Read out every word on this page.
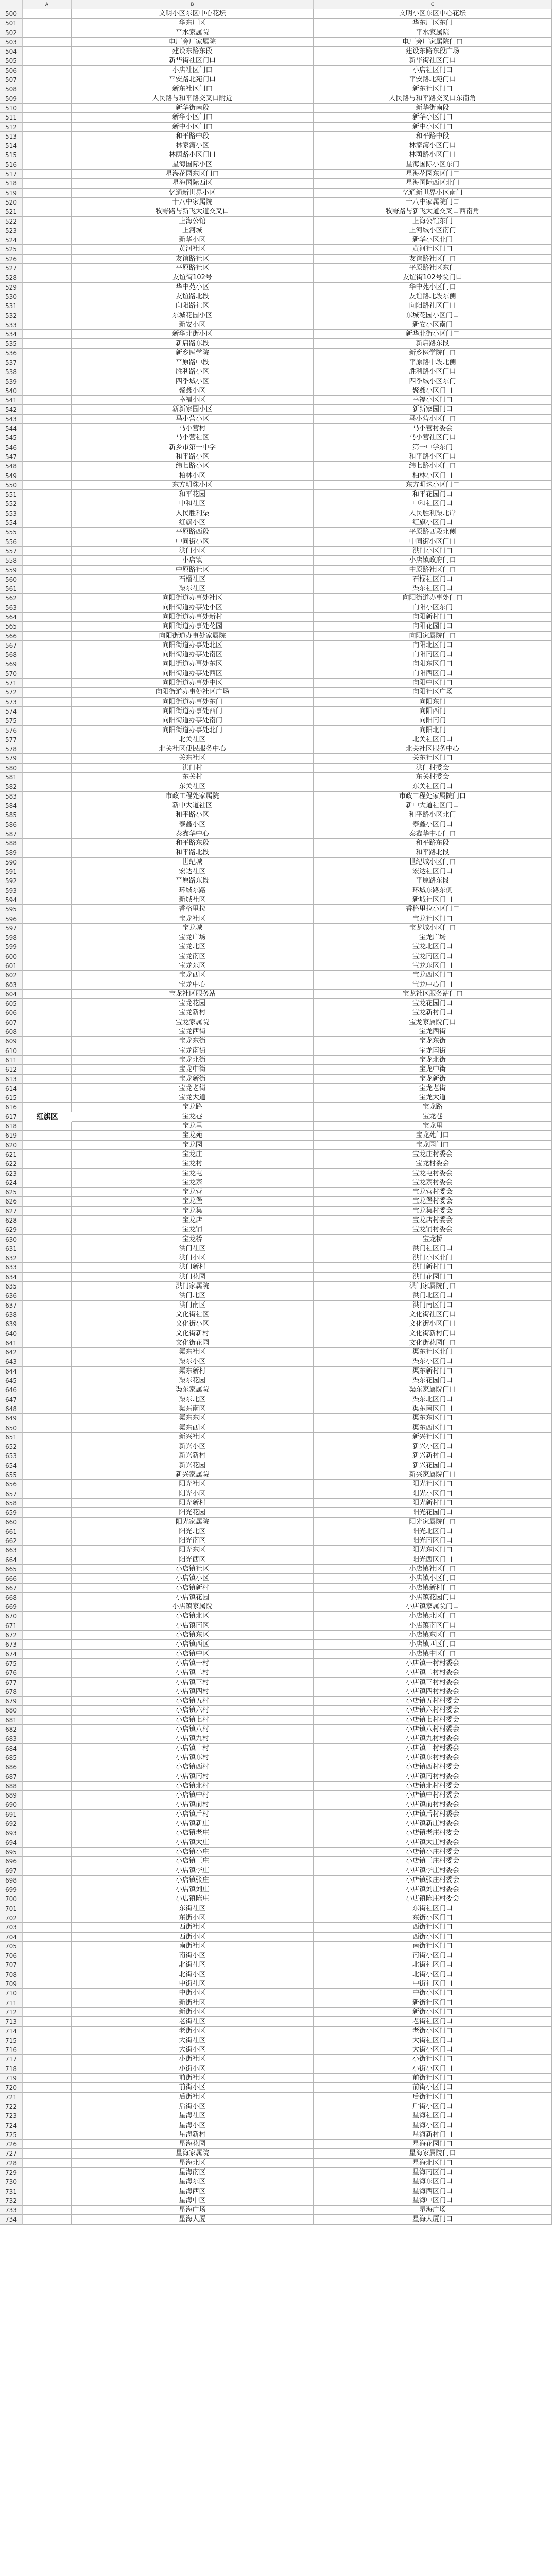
A	B	C
500	文明小区东区中心花坛	文明小区东区中心花坛
501	华东厂区	华东厂区东门
502	平水家属院	平水家属院
503	电厂旁厂家属院	电厂旁厂家属院门口
504	建设东路东段	建设东路东段广场
505	新华街社区门口	新华街社区门口
506	小店社区门口	小店社区门口
507	平安路北苑门口	平安路北苑门口
508	新东社区门口	新东社区门口
509	人民路与和平路交叉口附近	人民路与和平路交叉口东南角
510	新华街南段	新华街南段
511	新华小区门口	新华小区门口
512	新中小区门口	新中小区门口
513	和平路中段	和平路中段
514	林家湾小区	林家湾小区门口
515	林荫路小区门口	林荫路小区门口
516	星海国际小区	星海国际小区东门
517	星海花园东区门口	星海花园东区门口
518	星海国际西区	星海国际西区北门
519	忆通新世界小区	忆通新世界小区南门
520	十八中家属院	十八中家属院门口
521	牧野路与新飞大道交叉口	牧野路与新飞大道交叉口西南角
522	上海公馆	上海公馆东门
523	上河城	上河城小区南门
524	新华小区	新华小区北门
525	黄河社区	黄河社区门口
526	友谊路社区	友谊路社区门口
527	平原路社区	平原路社区东门
528	友谊街102号	友谊街102号院门口
529	华中苑小区	华中苑小区门口
530	友谊路北段	友谊路北段东侧
531	向阳路社区	向阳路社区门口
532	东城花园小区	东城花园小区门口
533	新安小区	新安小区南门
534	新华北街小区	新华北街小区门口
535	新启路东段	新启路东段
536	新乡医学院	新乡医学院门口
537	平原路中段	平原路中段北侧
538	胜利路小区	胜利路小区门口
539	四季城小区	四季城小区东门
540	聚鑫小区	聚鑫小区门口
541	幸福小区	幸福小区门口
542	新新家园小区	新新家园门口
543	马小营小区	马小营小区门口
544	马小营村	马小营村委会
545	马小营社区	马小营社区门口
546	新乡市第一中学	第一中学东门
547	和平路小区	和平路小区门口
548	纬七路小区	纬七路小区门口
549	柏林小区	柏林小区门口
550	东方明珠小区	东方明珠小区门口
551	和平花园	和平花园门口
552	中和社区	中和社区门口
553	人民胜利渠	人民胜利渠北岸
554	红旗小区	红旗小区门口
555	平原路西段	平原路西段北侧
556	中同街小区	中同街小区门口
557	洪门小区	洪门小区门口
558	小店镇	小店镇政府门口
559	中原路社区	中原路社区门口
560	石榴社区	石榴社区门口
561	渠东社区	渠东社区门口
562	向阳街道办事处社区	向阳街道办事处门口
563	向阳街道办事处小区	向阳小区东门
564	向阳街道办事处新村	向阳新村门口
565	向阳街道办事处花园	向阳花园门口
566	向阳街道办事处家属院	向阳家属院门口
567	向阳街道办事处北区	向阳北区门口
568	向阳街道办事处南区	向阳南区门口
569	向阳街道办事处东区	向阳东区门口
570	向阳街道办事处西区	向阳西区门口
571	向阳街道办事处中区	向阳中区门口
572	向阳街道办事处社区广场	向阳社区广场
573	向阳街道办事处东门	向阳东门
574	向阳街道办事处西门	向阳西门
575	向阳街道办事处南门	向阳南门
576	向阳街道办事处北门	向阳北门
577	北关社区	北关社区门口
578	北关社区便民服务中心	北关社区服务中心
579	关东社区	关东社区门口
580	洪门村	洪门村委会
581	东关村	东关村委会
582	东关社区	东关社区门口
583	市政工程处家属院	市政工程处家属院门口
584	新中大道社区	新中大道社区门口
585	和平路小区	和平路小区北门
586	泰鑫小区	泰鑫小区门口
587	泰鑫华中心	泰鑫华中心门口
588	和平路东段	和平路东段
589	和平路北段	和平路北段
590	世纪城	世纪城小区门口
591	宏达社区	宏达社区门口
592	平原路东段	平原路东段
593	环城东路	环城东路东侧
594	新城社区	新城社区门口
595	香格里拉	香格里拉小区门口
596	宝龙社区	宝龙社区门口
597	宝龙城	宝龙城小区门口
598	宝龙广场	宝龙广场
599	宝龙北区	宝龙北区门口
600	宝龙南区	宝龙南区门口
601	宝龙东区	宝龙东区门口
602	宝龙西区	宝龙西区门口
603	宝龙中心	宝龙中心门口
604	宝龙社区服务站	宝龙社区服务站门口
605	宝龙花园	宝龙花园门口
606	宝龙新村	宝龙新村门口
607	宝龙家属院	宝龙家属院门口
608	宝龙西街	宝龙西街
609	宝龙东街	宝龙东街
610	宝龙南街	宝龙南街
611	宝龙北街	宝龙北街
612	宝龙中街	宝龙中街
613	宝龙新街	宝龙新街
614	宝龙老街	宝龙老街
615	宝龙大道	宝龙大道
616	宝龙路	宝龙路
617	宝龙巷	宝龙巷
618	宝龙里	宝龙里
619	宝龙苑	宝龙苑门口
620	宝龙园	宝龙园门口
621	宝龙庄	宝龙庄村委会
622	宝龙村	宝龙村委会
623	宝龙屯	宝龙屯村委会
624	宝龙寨	宝龙寨村委会
625	宝龙营	宝龙营村委会
626	宝龙堡	宝龙堡村委会
627	宝龙集	宝龙集村委会
628	宝龙店	宝龙店村委会
629	宝龙铺	宝龙铺村委会
630	宝龙桥	宝龙桥
631	洪门社区	洪门社区门口
632	洪门小区	洪门小区北门
633	洪门新村	洪门新村门口
634	洪门花园	洪门花园门口
635	洪门家属院	洪门家属院门口
636	洪门北区	洪门北区门口
637	洪门南区	洪门南区门口
638	文化街社区	文化街社区门口
639	文化街小区	文化街小区门口
640	文化街新村	文化街新村门口
641	文化街花园	文化街花园门口
642	渠东社区	渠东社区北门
643	渠东小区	渠东小区门口
644	渠东新村	渠东新村门口
645	渠东花园	渠东花园门口
646	渠东家属院	渠东家属院门口
647	渠东北区	渠东北区门口
648	渠东南区	渠东南区门口
649	渠东东区	渠东东区门口
650	渠东西区	渠东西区门口
651	新兴社区	新兴社区门口
652	新兴小区	新兴小区门口
653	新兴新村	新兴新村门口
654	新兴花园	新兴花园门口
655	新兴家属院	新兴家属院门口
656	阳光社区	阳光社区门口
657	阳光小区	阳光小区门口
658	阳光新村	阳光新村门口
659	阳光花园	阳光花园门口
660	阳光家属院	阳光家属院门口
661	阳光北区	阳光北区门口
662	阳光南区	阳光南区门口
663	阳光东区	阳光东区门口
664	阳光西区	阳光西区门口
665	小店镇社区	小店镇社区门口
666	小店镇小区	小店镇小区门口
667	小店镇新村	小店镇新村门口
668	小店镇花园	小店镇花园门口
669	小店镇家属院	小店镇家属院门口
670	小店镇北区	小店镇北区门口
671	小店镇南区	小店镇南区门口
672	小店镇东区	小店镇东区门口
673	小店镇西区	小店镇西区门口
674	小店镇中区	小店镇中区门口
675	小店镇一村	小店镇一村村委会
676	小店镇二村	小店镇二村村委会
677	小店镇三村	小店镇三村村委会
678	小店镇四村	小店镇四村村委会
679	小店镇五村	小店镇五村村委会
680	小店镇六村	小店镇六村村委会
681	小店镇七村	小店镇七村村委会
682	小店镇八村	小店镇八村村委会
683	小店镇九村	小店镇九村村委会
684	小店镇十村	小店镇十村村委会
685	小店镇东村	小店镇东村村委会
686	小店镇西村	小店镇西村村委会
687	小店镇南村	小店镇南村村委会
688	小店镇北村	小店镇北村村委会
689	小店镇中村	小店镇中村村委会
690	小店镇前村	小店镇前村村委会
691	小店镇后村	小店镇后村村委会
692	小店镇新庄	小店镇新庄村委会
693	小店镇老庄	小店镇老庄村委会
694	小店镇大庄	小店镇大庄村委会
695	小店镇小庄	小店镇小庄村委会
696	小店镇王庄	小店镇王庄村委会
697	小店镇李庄	小店镇李庄村委会
698	小店镇张庄	小店镇张庄村委会
699	小店镇刘庄	小店镇刘庄村委会
700	小店镇陈庄	小店镇陈庄村委会
701	东街社区	东街社区门口
702	东街小区	东街小区门口
703	西街社区	西街社区门口
704	西街小区	西街小区门口
705	南街社区	南街社区门口
706	南街小区	南街小区门口
707	北街社区	北街社区门口
708	北街小区	北街小区门口
709	中街社区	中街社区门口
710	中街小区	中街小区门口
711	新街社区	新街社区门口
712	新街小区	新街小区门口
713	老街社区	老街社区门口
714	老街小区	老街小区门口
715	大街社区	大街社区门口
716	大街小区	大街小区门口
717	小街社区	小街社区门口
718	小街小区	小街小区门口
719	前街社区	前街社区门口
720	前街小区	前街小区门口
721	后街社区	后街社区门口
722	后街小区	后街小区门口
723	星海社区	星海社区门口
724	星海小区	星海小区门口
725	星海新村	星海新村门口
726	星海花园	星海花园门口
727	星海家属院	星海家属院门口
728	星海北区	星海北区门口
729	星海南区	星海南区门口
730	星海东区	星海东区门口
731	星海西区	星海西区门口
732	星海中区	星海中区门口
733	星海广场	星海广场
734	星海大厦	星海大厦门口
红旗区
